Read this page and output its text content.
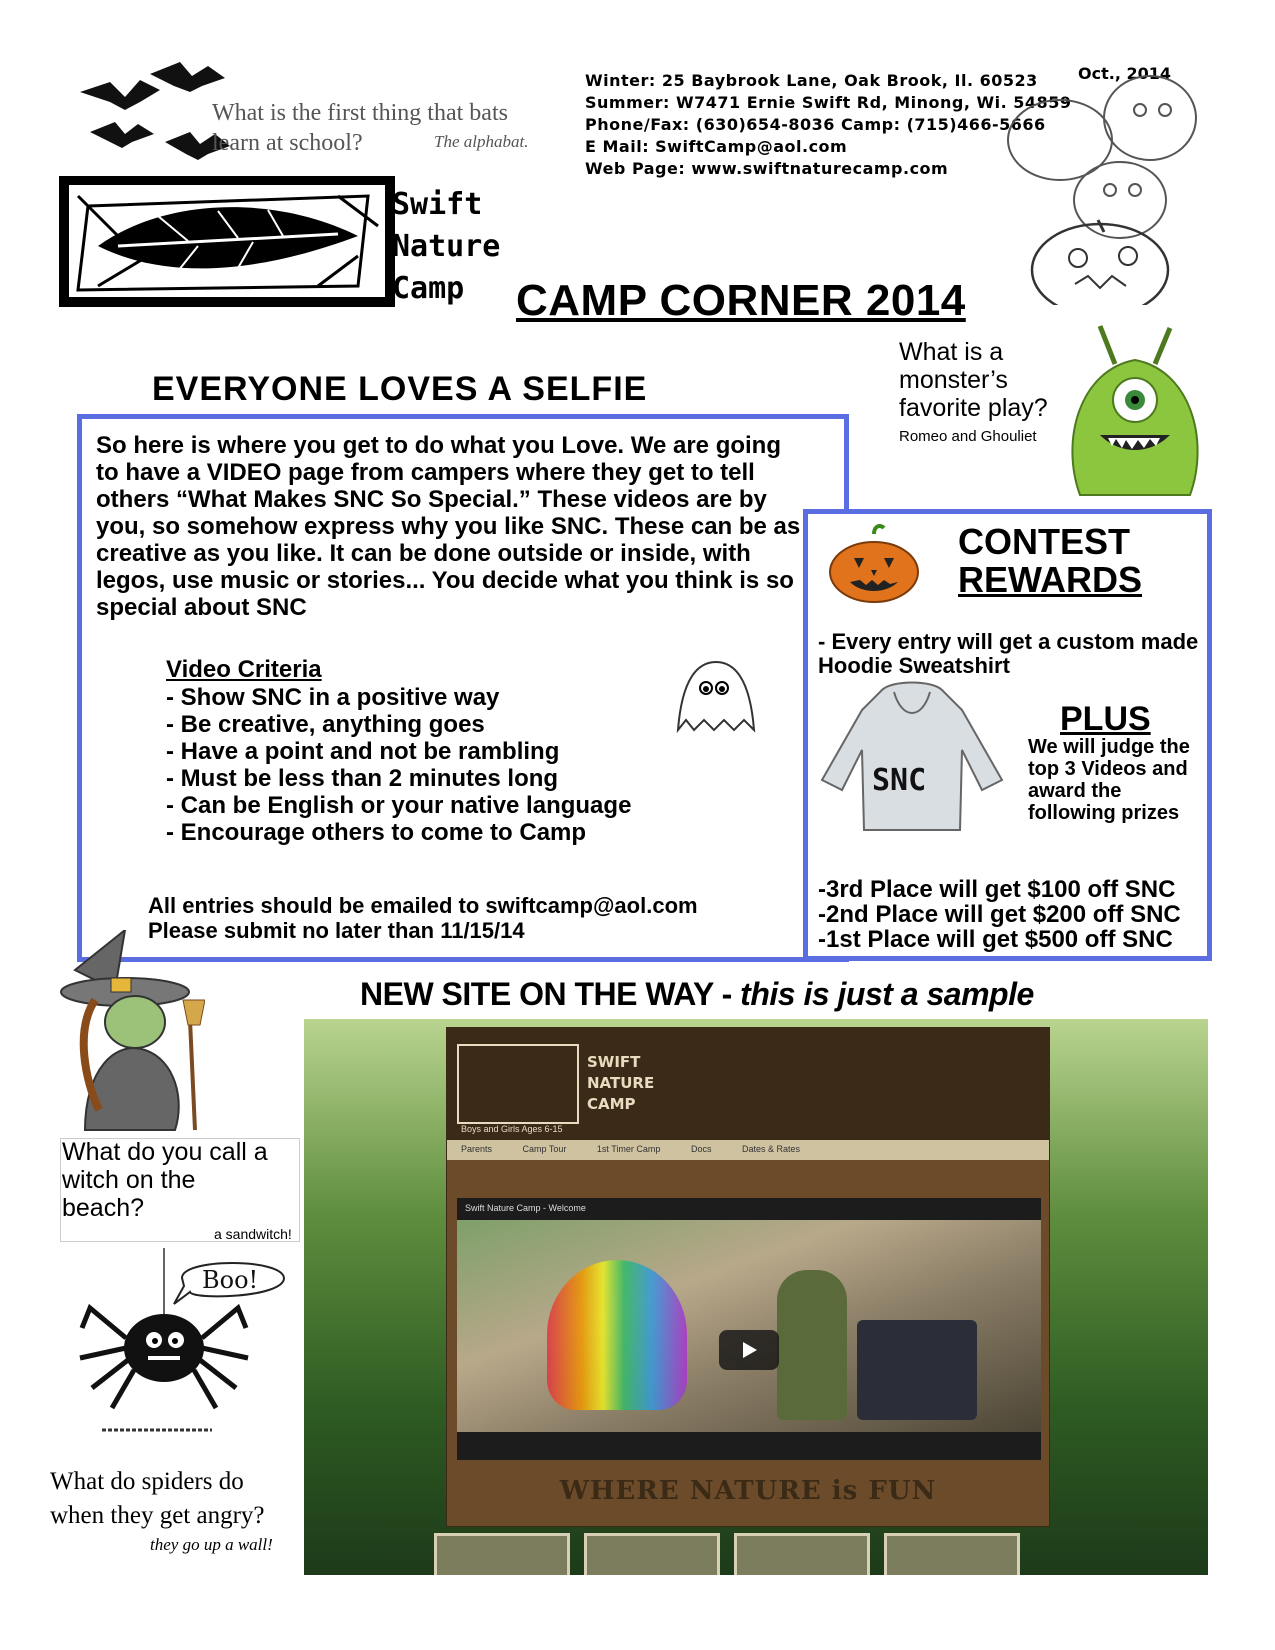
Winter: 25 Baybrook Lane, Oak Brook, Il. 60523
Summer: W7471 Ernie Swift Rd, Minong, Wi. 54859
Phone/Fax: (630)654-8036 Camp: (715)466-5666
E Mail: SwiftCamp@aol.com
Web Page: www.swiftnaturecamp.com
Oct., 2014
What is the first thing that bats
learn at school?	The alphabat.
Swift
Nature
Camp	CAMP CORNER 2014
What is a
monster’s
favorite play?
Romeo and Ghouliet
EVERYONE LOVES A SELFIE
So here is where you get to do what you Love. We are going to have a VIDEO page from campers where they get to tell others “What Makes SNC So Special.” These videos are by you, so somehow express why you like SNC. These can be as creative as you like. It can be done outside or inside, with legos, use music or stories... You decide what you think is so special about SNC
Video Criteria
- Show SNC in a positive way
- Be creative, anything goes
- Have a point and not be rambling
- Must be less than 2 minutes long
- Can be English or your native language
- Encourage others to come to Camp
All entries should be emailed to swiftcamp@aol.com
Please submit no later than 11/15/14
CONTEST
REWARDS
- Every entry will get a custom made Hoodie Sweatshirt
SNC
PLUS
We will judge the top 3 Videos and award the following prizes
-3rd Place will get $100 off SNC
-2nd Place will get $200 off SNC
-1st Place will get $500 off SNC
NEW SITE ON THE WAY - this is just a sample
What do you call a
witch on the
beach?
a sandwitch!
Boo!
What do spiders do
when they get angry?
they go up a wall!
SWIFT
NATURE
CAMP
Boys and Girls Ages 6-15
Parents	Camp Tour	1st Timer Camp	Docs	Dates & Rates
Swift Nature Camp - Welcome
WHERE NATURE is FUN
